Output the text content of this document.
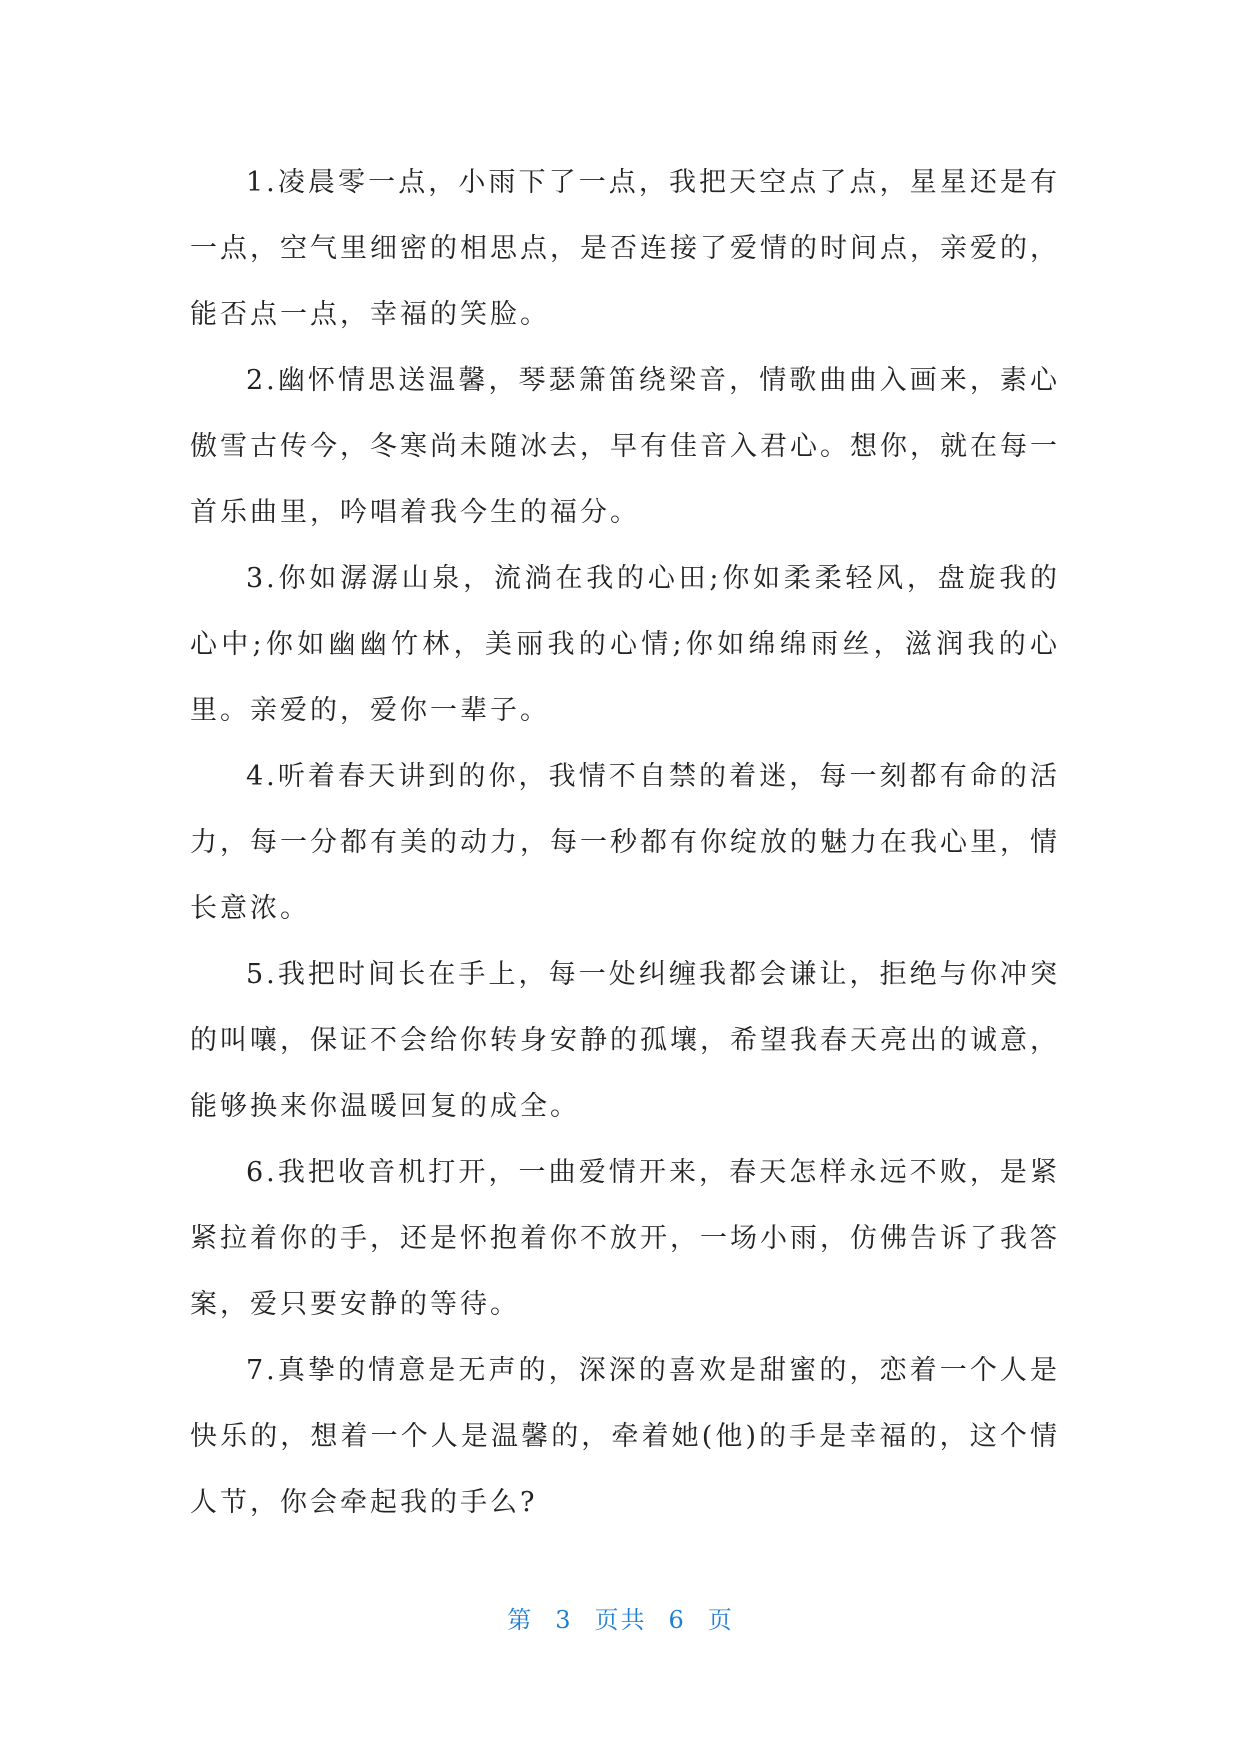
1.凌晨零一点，小雨下了一点，我把天空点了点，星星还是有一点，空气里细密的相思点，是否连接了爱情的时间点，亲爱的，能否点一点，幸福的笑脸。

2.幽怀情思送温馨，琴瑟箫笛绕梁音，情歌曲曲入画来，素心傲雪古传今，冬寒尚未随冰去，早有佳音入君心。想你，就在每一首乐曲里，吟唱着我今生的福分。

3.你如潺潺山泉，流淌在我的心田;你如柔柔轻风，盘旋我的心中;你如幽幽竹林，美丽我的心情;你如绵绵雨丝，滋润我的心里。亲爱的，爱你一辈子。

4.听着春天讲到的你，我情不自禁的着迷，每一刻都有命的活力，每一分都有美的动力，每一秒都有你绽放的魅力在我心里，情长意浓。

5.我把时间长在手上，每一处纠缠我都会谦让，拒绝与你冲突的叫嚷，保证不会给你转身安静的孤壤，希望我春天亮出的诚意，能够换来你温暖回复的成全。

6.我把收音机打开，一曲爱情开来，春天怎样永远不败，是紧紧拉着你的手，还是怀抱着你不放开，一场小雨，仿佛告诉了我答案，爱只要安静的等待。

7.真挚的情意是无声的，深深的喜欢是甜蜜的，恋着一个人是快乐的，想着一个人是温馨的，牵着她(他)的手是幸福的，这个情人节，你会牵起我的手么?

第 3 页共 6 页
